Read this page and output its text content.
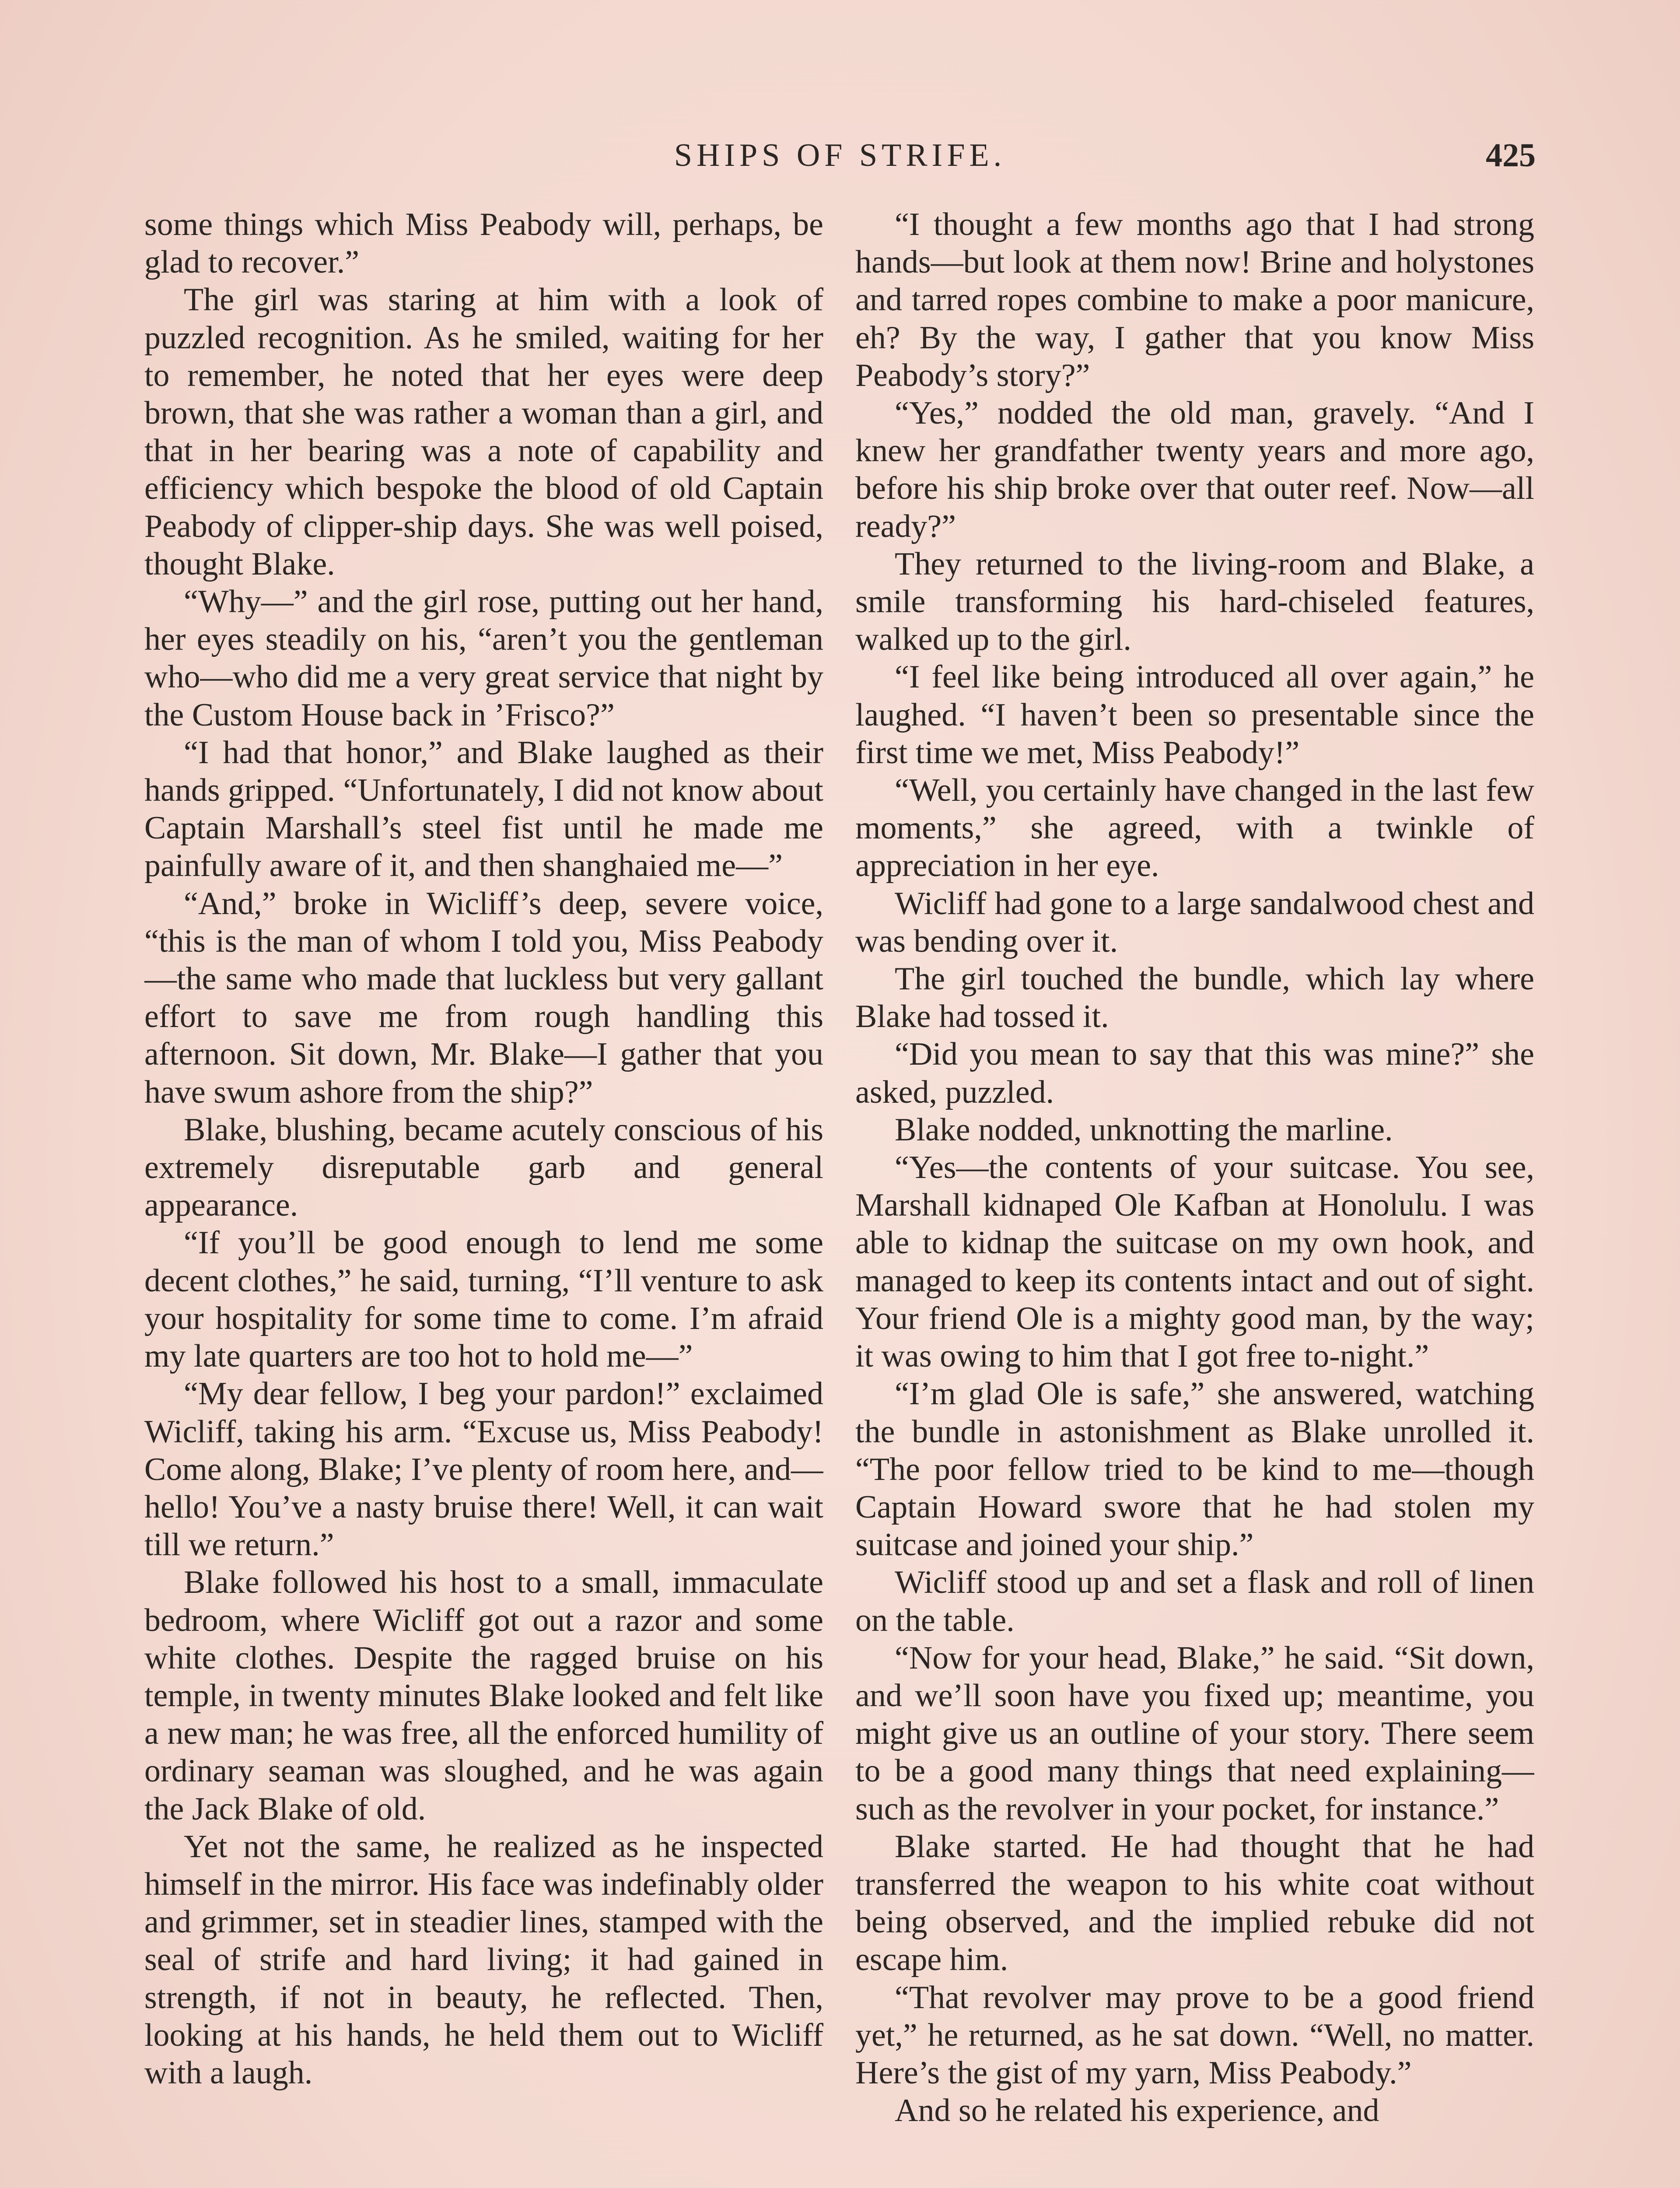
SHIPS OF STRIFE.	425

some things which Miss Peabody will, perhaps, be glad to recover.”

The girl was staring at him with a look of puzzled recognition. As he smiled, waiting for her to remember, he noted that her eyes were deep brown, that she was rather a woman than a girl, and that in her bearing was a note of capability and efficiency which bespoke the blood of old Captain Peabody of clipper-ship days. She was well poised, thought Blake.

“Why—” and the girl rose, putting out her hand, her eyes steadily on his, “aren’t you the gentleman who—who did me a very great service that night by the Custom House back in ’Frisco?”

“I had that honor,” and Blake laughed as their hands gripped. “Unfortunately, I did not know about Captain Marshall’s steel fist until he made me painfully aware of it, and then shanghaied me—”

“And,” broke in Wicliff’s deep, severe voice, “this is the man of whom I told you, Miss Peabody—the same who made that luckless but very gallant effort to save me from rough handling this afternoon. Sit down, Mr. Blake—I gather that you have swum ashore from the ship?”

Blake, blushing, became acutely conscious of his extremely disreputable garb and general appearance.

“If you’ll be good enough to lend me some decent clothes,” he said, turning, “I’ll venture to ask your hospitality for some time to come. I’m afraid my late quarters are too hot to hold me—”

“My dear fellow, I beg your pardon!” exclaimed Wicliff, taking his arm. “Excuse us, Miss Peabody! Come along, Blake; I’ve plenty of room here, and—hello! You’ve a nasty bruise there! Well, it can wait till we return.”

Blake followed his host to a small, immaculate bedroom, where Wicliff got out a razor and some white clothes. Despite the ragged bruise on his temple, in twenty minutes Blake looked and felt like a new man; he was free, all the enforced humility of ordinary seaman was sloughed, and he was again the Jack Blake of old.

Yet not the same, he realized as he inspected himself in the mirror. His face was indefinably older and grimmer, set in steadier lines, stamped with the seal of strife and hard living; it had gained in strength, if not in beauty, he reflected. Then, looking at his hands, he held them out to Wicliff with a laugh.

“I thought a few months ago that I had strong hands—but look at them now! Brine and holystones and tarred ropes combine to make a poor manicure, eh? By the way, I gather that you know Miss Peabody’s story?”

“Yes,” nodded the old man, gravely. “And I knew her grandfather twenty years and more ago, before his ship broke over that outer reef. Now—all ready?”

They returned to the living-room and Blake, a smile transforming his hard-chiseled features, walked up to the girl.

“I feel like being introduced all over again,” he laughed. “I haven’t been so presentable since the first time we met, Miss Peabody!”

“Well, you certainly have changed in the last few moments,” she agreed, with a twinkle of appreciation in her eye.

Wicliff had gone to a large sandalwood chest and was bending over it.

The girl touched the bundle, which lay where Blake had tossed it.

“Did you mean to say that this was mine?” she asked, puzzled.

Blake nodded, unknotting the marline.

“Yes—the contents of your suitcase. You see, Marshall kidnaped Ole Kafban at Honolulu. I was able to kidnap the suitcase on my own hook, and managed to keep its contents intact and out of sight. Your friend Ole is a mighty good man, by the way; it was owing to him that I got free to-night.”

“I’m glad Ole is safe,” she answered, watching the bundle in astonishment as Blake unrolled it. “The poor fellow tried to be kind to me—though Captain Howard swore that he had stolen my suitcase and joined your ship.”

Wicliff stood up and set a flask and roll of linen on the table.

“Now for your head, Blake,” he said. “Sit down, and we’ll soon have you fixed up; meantime, you might give us an outline of your story. There seem to be a good many things that need explaining—such as the revolver in your pocket, for instance.”

Blake started. He had thought that he had transferred the weapon to his white coat without being observed, and the implied rebuke did not escape him.

“That revolver may prove to be a good friend yet,” he returned, as he sat down. “Well, no matter. Here’s the gist of my yarn, Miss Peabody.”

And so he related his experience, and
